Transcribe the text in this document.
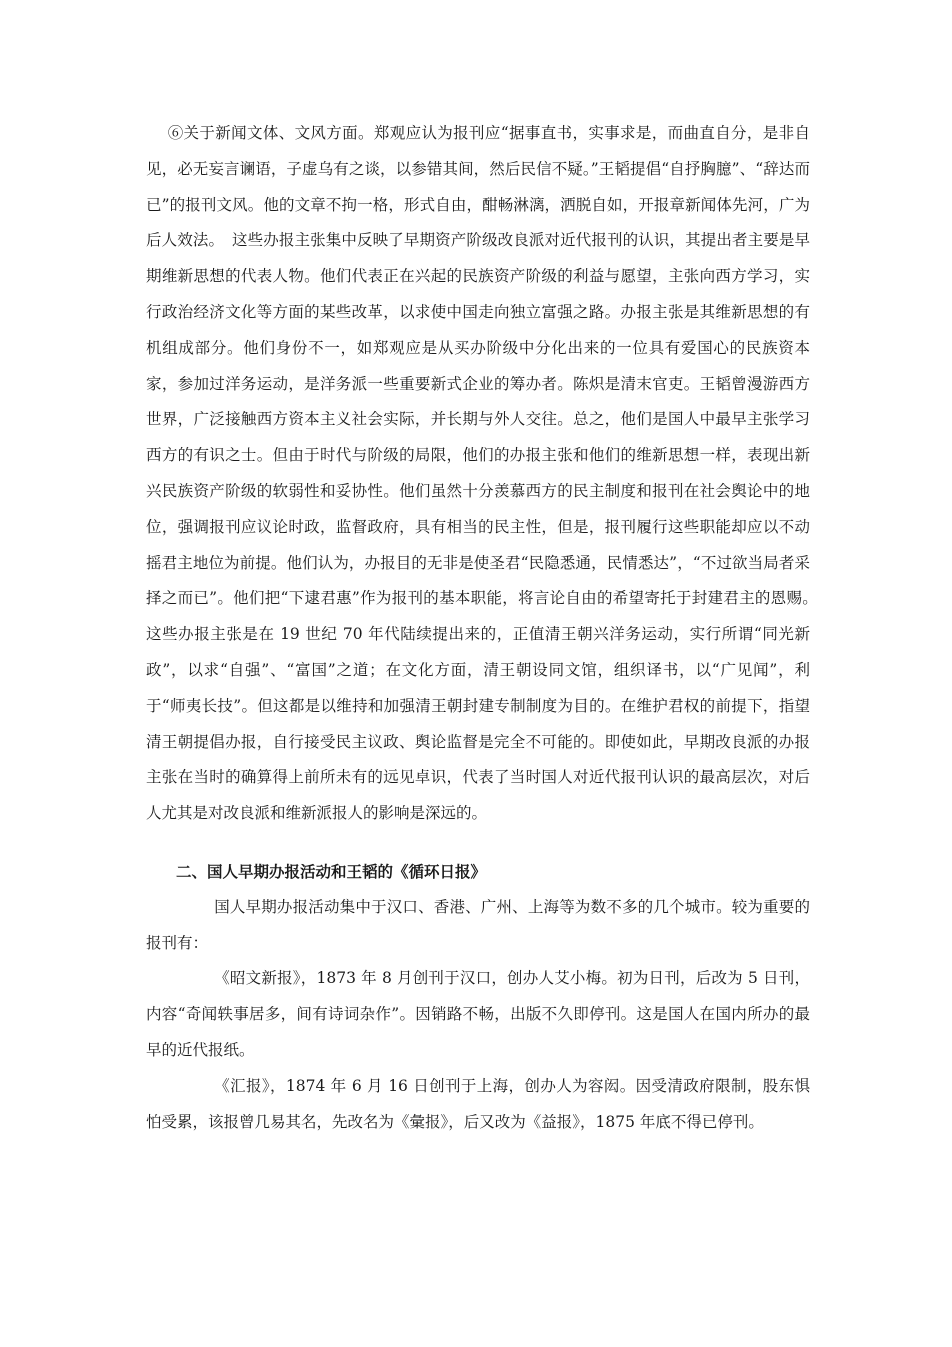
⑥关于新闻文体、文风方面。郑观应认为报刊应“据事直书，实事求是，而曲直自分，是非自见，必无妄言谰语，子虚乌有之谈，以参错其间，然后民信不疑。”王韬提倡“自抒胸臆”、“辞达而已”的报刊文风。他的文章不拘一格，形式自由，酣畅淋漓，洒脱自如，开报章新闻体先河，广为后人效法。　这些办报主张集中反映了早期资产阶级改良派对近代报刊的认识，其提出者主要是早期维新思想的代表人物。他们代表正在兴起的民族资产阶级的利益与愿望，主张向西方学习，实行政治经济文化等方面的某些改革，以求使中国走向独立富强之路。办报主张是其维新思想的有机组成部分。他们身份不一，如郑观应是从买办阶级中分化出来的一位具有爱国心的民族资本家，参加过洋务运动，是洋务派一些重要新式企业的筹办者。陈炽是清末官吏。王韬曾漫游西方世界，广泛接触西方资本主义社会实际，并长期与外人交往。总之，他们是国人中最早主张学习西方的有识之士。但由于时代与阶级的局限，他们的办报主张和他们的维新思想一样，表现出新兴民族资产阶级的软弱性和妥协性。他们虽然十分羡慕西方的民主制度和报刊在社会舆论中的地位，强调报刊应议论时政，监督政府，具有相当的民主性，但是，报刊履行这些职能却应以不动摇君主地位为前提。他们认为，办报目的无非是使圣君“民隐悉通，民情悉达”，“不过欲当局者采择之而已”。他们把“下逮君惠”作为报刊的基本职能，将言论自由的希望寄托于封建君主的恩赐。　这些办报主张是在 19 世纪 70 年代陆续提出来的，正值清王朝兴洋务运动，实行所谓“同光新政”，以求“自强”、“富国”之道；在文化方面，清王朝设同文馆，组织译书，以“广见闻”，利于“师夷长技”。但这都是以维持和加强清王朝封建专制制度为目的。在维护君权的前提下，指望清王朝提倡办报，自行接受民主议政、舆论监督是完全不可能的。即使如此，早期改良派的办报主张在当时的确算得上前所未有的远见卓识，代表了当时国人对近代报刊认识的最高层次，对后人尤其是对改良派和维新派报人的影响是深远的。

二、国人早期办报活动和王韬的《循环日报》

国人早期办报活动集中于汉口、香港、广州、上海等为数不多的几个城市。较为重要的报刊有：

《昭文新报》，1873 年 8 月创刊于汉口，创办人艾小梅。初为日刊，后改为 5 日刊，内容“奇闻轶事居多，间有诗词杂作”。因销路不畅，出版不久即停刊。这是国人在国内所办的最早的近代报纸。

《汇报》，1874 年 6 月 16 日创刊于上海，创办人为容闳。因受清政府限制，股东惧怕受累，该报曾几易其名，先改名为《彙报》，后又改为《益报》，1875 年底不得已停刊。
